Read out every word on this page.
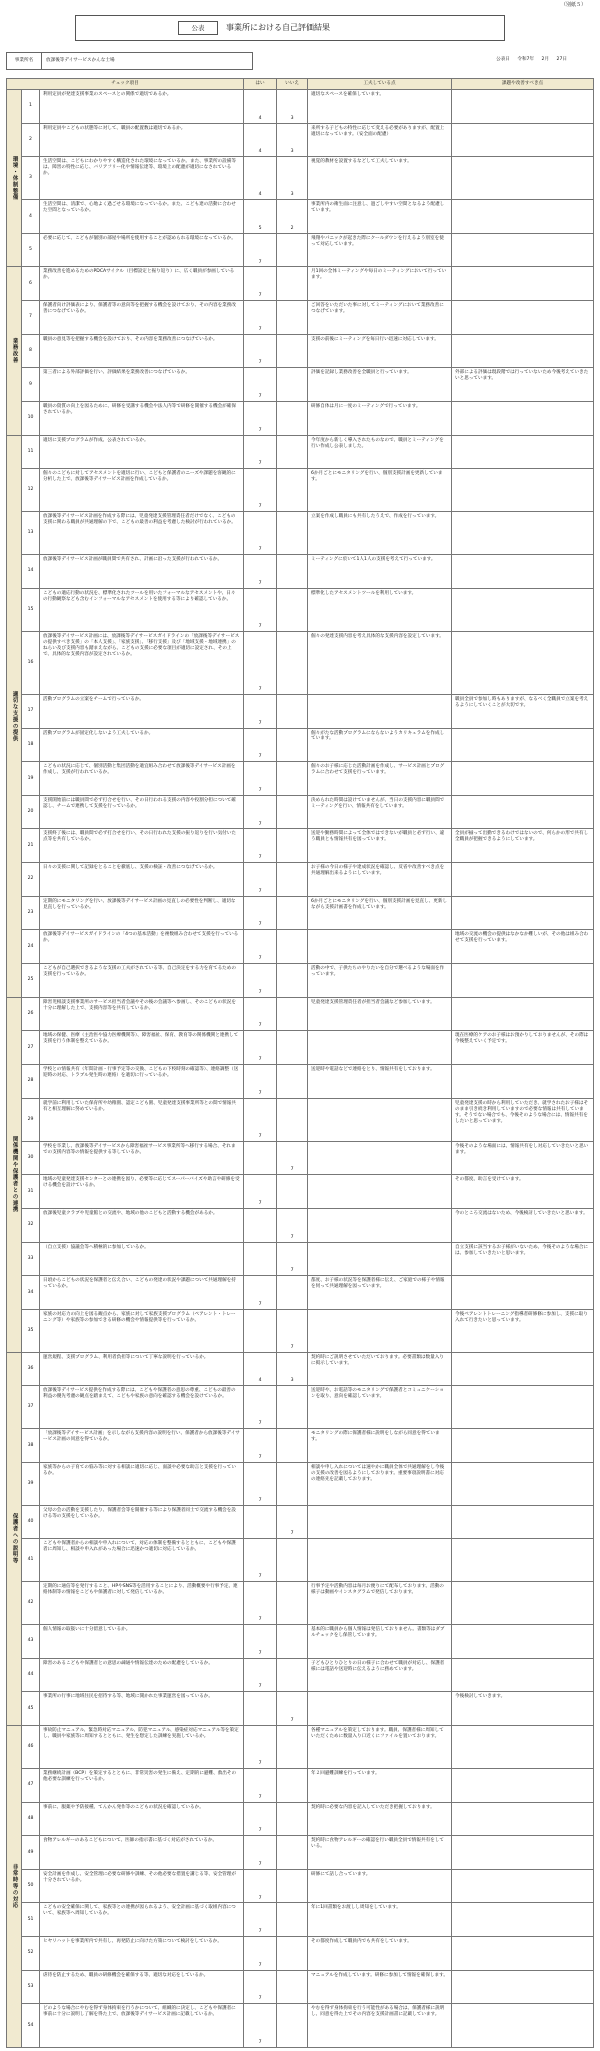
（別紙５）
公表	事業所における自己評価結果
事業所名	放課後等デイサービスかんな士場	公表日 令和7年 2月 27日
チェック項目			はい	いいえ	工夫している点	課題や改善すべき点
環境・体制整備	1	利用定員が発達支援事業のスペースとの関係で適切であるか。	4	3	適切なスペースを確保しています。	
	2	利用定員やこどもの状態等に対して、職員の配置数は適切であるか。	4	3	来所する子どもの特性に応じて変える必要がありますが、配置上適切になっています。（安全面の配慮）	
	3	生活空間は、こどもにわかりやすく構造化された環境になっているか。また、事業所の設備等は、障害の特性に応じ、バリアフリー化や情報伝達等、環境上の配慮が適切になされているか。	4	3	視覚的教材を設置するなどして工夫しています。	
	4	生活空間は、清潔で、心地よく過ごせる環境になっているか。また、こども達の活動に合わせた空間となっているか。	5	2	事業所内の衛生面に注意し、過ごしやすい空間となるよう配慮しています。	
	5	必要に応じて、こどもが個別の部屋や場所を使用することが認められる環境になっているか。	7		飛翔やパニックが起きた際にクールダウンを行えるよう別室を使って対応しています。	
業務改善	6	業務改善を進めるためのPDCAサイクル（目標設定と振り返り）に、広く職員が参画しているか。	7		月1回の全体ミーティングや毎日のミーティングにおいて行っています。	
	7	保護者向け評価表により、保護者等の意向等を把握する機会を設けており、その内容を業務改善につなげているか。	7		ご回答をいただいた事に対してミーティングにおいて業務改善につなげています。	
	8	職員の意見等を把握する機会を設けており、その内容を業務改善につなげているか。	7		支援の前後にミーティングを毎日行い迅速に対応しています。	
	9	第三者による外部評価を行い、評価結果を業務改善につなげているか。	7		評価を記録し業務改善を全職員と行っています。	外部による評価は現段階では行っていないため今後考えていきたいと思っています。
	10	職員の資質の向上を図るために、研修を受講する機会や法人内等で研修を開催する機会が確保されているか。	7		研修自体は月に一度のミーティングで行っています。	
適切な支援の提供	11	適切に支援プログラムが作成、公表されているか。	7		今年度から新しく導入されたものなので、職員とミーティングを行い作成し公表しました。	
	12	個々のこどもに対してアセスメントを適切に行い、こどもと保護者のニーズや課題を客観的に分析した上で、放課後等デイサービス計画を作成しているか。	7		6か月ごとにモニタリングを行い、個別支援計画を更新しています。	
	13	放課後等デイサービス計画を作成する際には、児童発達支援管理責任者だけでなく、こどもの支援に関わる職員が共通理解の下で、こどもの最善の利益を考慮した検討が行われているか。	7		立案を作成し職員にも共有したうえで、作成を行っています。	
	14	放課後等デイサービス計画が職員間で共有され、計画に沿った支援が行われているか。	7		ミーティングに於いて1人1人の支援を考えて行っています。	
	15	こどもの適応行動の状況を、標準化されたツールを用いたフォーマルなアセスメントや、日々の行動観察なども含むインフォーマルなアセスメントを使用する等により確認しているか。	7		標準化したアセスメントツールを利用しています。	
	16	放課後等デイサービス計画には、放課後等デイサービスガイドラインの「放課後等デイサービスの提供すべき支援」の「本人支援」、「家族支援」、「移行支援」及び「地域支援・地域連携」のねらい及び支援内容も踏まえながら、こどもの支援に必要な項目が適切に設定され、その上で、具体的な支援内容が設定されているか。	7		個々の発達支援内容を考え具体的な支援内容を設定しています。	
	17	活動プログラムの立案をチームで行っているか。	7			職員全員で参加し時もありますが、なるべく全職員で立案を考えるようにしていくことが大切です。
	18	活動プログラムが固定化しないよう工夫しているか。	7		個々がたな活動プログラムにならないようカリキュラムを作成しています。	
	19	こどもの状況に応じて、個別活動と集団活動を適宜組み合わせて放課後等デイサービス計画を作成し、支援が行われているか。	7		個々のお子様に応じた活動計画を作成し、サービス計画とプログラムに合わせて支援を行っています。	
	20	支援開始前には職員間で必ず打合せを行い、その日行われる支援の内容や役割分担について確認し、チームで連携して支援を行っているか。	7		決められた時間は設けていませんが、当日の支援内容に職員間でミーティングを行い、情報共有をしています。	
	21	支援終了後には、職員間で必ず打合せを行い、その日行われた支援の振り返りを行い気付いた点等を共有しているか。	7		送迎や勤務時間によって全体ではできないが職員と必ず行い、違う職員とも情報共有を図っています。	全員が揃って出勤できるわけではないので、何らかの形で共有し全職員が把握できるようにしています。
	22	日々の支援に関して記録をとることを徹底し、支援の検証・改善につなげているか。	7		お子様の今日の様子や達成状況を確認し、反省や改善すべき点を共通理解出来るようにしています。	
	23	定期的にモニタリングを行い、放課後等デイサービス計画の見直しの必要性を判断し、適切な見直しを行っているか。	7		6か月ごとにモニタリングを行い、個別支援計画を見直し、更新しながら支援計画書を作成しています。	
	24	放課後等デイサービスガイドラインの「4つの基本活動」を複数組み合わせて支援を行っているか。	7			地域の交流の機会の提供はなかなか難しいが、その他は組み合わせて支援を行っています。
	25	こどもが自己選択できるような支援の工夫がされている等、自己決定をする力を育てるための支援を行っているか。	7		活動の中で、子供たちのやりたいを自分で選べるような場面を作っています。	
関係機関や保護者との連携	26	障害児相談支援事業所のサービス担当者会議やその後の会議等へ参画し、そのこどもの状況を十分に理解した上で、支援内容等を共有しているか。	7		児童発達支援管理責任者が担当者会議など参加しています。	
	27	地域の保健、医療（主治医や協力医療機関等）、障害福祉、保育、教育等の関係機関と連携して支援を行う体制を整えているか。	7			現在医療的ケアのお子様はお預かりしておりませんが、その際は今後整えていく予定です。
	28	学校との情報共有（年間計画・行事予定等の交換、こどもの下校時刻の確認等）、連絡調整（送迎時の対応、トラブル発生時の連絡）を適切に行っているか。	7		送迎時や電話などで連絡をとり、情報共有をしております。	
	29	就学前に利用していた保育所や幼稚園、認定こども園、児童発達支援事業所等との間で情報共有と相互理解に努めているか。	7			児童発達支援の時から利用していただき、就学されたお子様はそのまま引き続き利用していますので必要な情報は共有しています。そうでない場合でも、今後そのような場合には、情報共有をしたいと思っています。
	30	学校を卒業し、放課後等デイサービスから障害福祉サービス事業所等へ移行する場合、それまでの支援内容等の情報を提供する等しているか。		7		今後そのような場面には、情報共有をし対応していきたいと思います。
	31	地域の児童発達支援センターとの連携を図り、必要等に応じてスーパーバイズや助言や研修を受ける機会を設けているか。	7			その都度、助言を受けています。
	32	放課後児童クラブや児童館との交流や、地域の他のこどもと活動する機会があるか。		7		今のところ交流はないため、今後検討していきたいと思います。
	33	（自立支援）協議会等へ積極的に参加しているか。		7		自立支援に該当するお子様がいないため、今後そのような場合には、参加していきたいと思います。
	34	日頃からこどもの状況を保護者と伝え合い、こどもの発達の状況や課題について共通理解を持っているか。	7		都度、お子様の状況等を保護者様に伝え、ご家庭での様子や情報を伺って共通理解を図っています。	
	35	家族の対応力の向上を図る観点から、家族に対して家族支援プログラム（ペアレント・トレーニング等）や家族等の参加できる研修の機会や情報提供等を行っているか。		7		今後ペアレントトレーニング指導者研修修に参加し、支援に取り入れて行きたいと思っています。
保護者への説明等	36	運営規程、支援プログラム、利用者負担等について丁寧な説明を行っているか。	4	3	契約時にご説明させていただいております。必要書類は数量入りに掲示しています。	
	37	放課後等デイサービス提供を作成する際には、こどもや保護者の意思の尊重、こどもの最善の利益の優先考慮の観点を踏まえて、こどもや家族の意向を確認する機会を設けているか。	7		送迎時や、お電話等のモニタリングで保護者とコミュニケーションを取り、意向を確認しています。	
	38	「放課後等デイサービス計画」を示しながら支援内容の説明を行い、保護者から放課後等デイサービス計画の同意を得ているか。	7		モニタリングの際に保護者様に説明をしながら同意を得ています。	
	39	家族等からの子育ての悩み等に対する相談に適切に応じ、面談や必要な助言と支援を行っているか。	7		相談や申し入れについては速やかに職員全体で共通理解をし今後の支援の改善を図るようにしております。重要事項説明書に対応の連絡先を記載しております。	
	40	父母の会の活動を支援したり、保護者会等を開催する等により保護者同士で交流する機会を設ける等の支援をしているか。		7		
	41	こどもや保護者からの相談や申入れについて、対応の体制を整備するとともに、こどもや保護者に周知し、相談や申入れがあった場合に迅速かつ適切に対応しているか。	7			
	42	定期的に通信等を発行すること、HPやSNS等を活用することにより、活動概要や行事予定、連絡体制等の情報をこどもや保護者に対して発信しているか。	7		行事予定や活動内容は毎月お便りにて配布しております。活動の様子は動画やインスタグラムで発信しております。	
	43	個人情報の取扱いに十分留意しているか。	7		基本的に職員から個人情報は発信しておりません。書類等はダブルチェックをし保管しています。	
	44	障害のあるこどもや保護者との意思の疎通や情報伝達のための配慮をしているか。	7		子どもひとりひとりの日の様子に合わせて職員が対応し、保護者様には電話や送迎時に伝えるように務めています。	
	45	事業所の行事に地域住民を招待する等、地域に開かれた事業運営を図っているか。		7		今後検討していきます。
非常時等の対応	46	事故防止マニュアル、緊急時対応マニュアル、防犯マニュアル、感染症対応マニュアル等を策定し、職員や家族等に周知するとともに、発生を想定した訓練を実施しているか。	7		各種マニュアルを策定しております。職員、保護者様に周知していただくために数量入り口近くにファイルを置いております。	
	47	業務継続計画（BCP）を策定するとともに、非常災害の発生に備え、定期的に避難、救出その他必要な訓練を行っているか。	7		年２回避難訓練を行っています。	
	48	事前に、服薬や予防接種、てんかん発作等のこどもの状況を確認しているか。	7		契約時に必要な内容を記入していただき把握しております。	
	49	食物アレルギーのあるこどもについて、医師の指示書に基づく対応がされているか。	7		契約時に食物アレルギーの確認を行い職員全員で情報共有をしている。	
	50	安全計画を作成し、安全管理に必要な研修や訓練、その他必要な措置を講じる等、安全管理が十分されているか。	7		研修にて話し合っています。	
	51	こどもの安全確保に関して、家族等との連携が図られるよう、安全計画に基づく取組内容について、家族等へ周知しているか。	7		年に1回書類をお渡しし周知をしています。	
	52	ヒヤリハットを事業所内で共有し、再発防止に向けた方策について検討をしているか。	7		その都度作成して職員内でも共有をしています。	
	53	虐待を防止するため、職員の研修機会を確保する等、適切な対応をしているか。	7		マニュアルを作成しています。研修に参加して情報を確保します。	
	54	どのような場合にやむを得ず身体拘束を行うかについて、組織的に決定し、こどもや保護者に事前に十分に説明し了解を得た上で、放課後等デイサービス計画に記載しているか。	7		やむを得ず身体拘束を行う可能性がある場合は、保護者様に説明し、同意を得た上でその内容を支援計画書に記載しています。	
